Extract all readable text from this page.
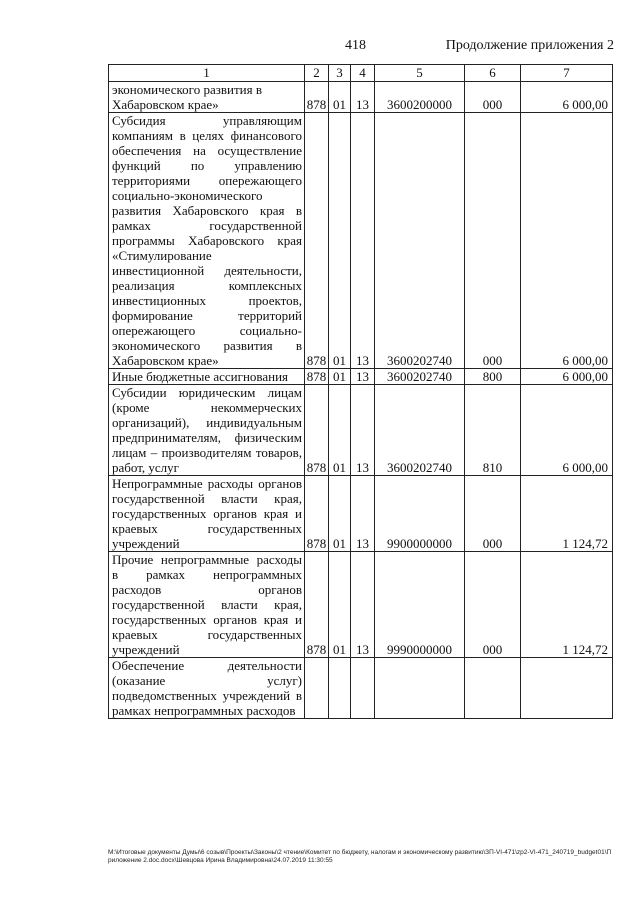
418	Продолжение приложения 2
1	2	3	4	5	6	7
экономического развития в
Хабаровском крае»	878	01	13	3600200000	000	6 000,00
Субсидия управляющим компаниям в целях финансового обеспечения на осуществление функций по управлению территориями опережающего социально-экономического развития Хабаровского края в рамках государственной программы Хабаровского края «Стимулирование инвестиционной деятельности, реализация комплексных инвестиционных проектов, формирование территорий опережающего социально-экономического развития в Хабаровском крае»	878	01	13	3600202740	000	6 000,00
Иные бюджетные ассигнования	878	01	13	3600202740	800	6 000,00
Субсидии юридическим лицам (кроме некоммерческих организаций), индивидуальным предпринимателям, физическим лицам – производителям товаров, работ, услуг	878	01	13	3600202740	810	6 000,00
Непрограммные расходы органов государственной власти края, государственных органов края и краевых государственных учреждений	878	01	13	9900000000	000	1 124,72
Прочие непрограммные расходы в рамках непрограммных расходов органов государственной власти края, государственных органов края и краевых государственных учреждений	878	01	13	9990000000	000	1 124,72
Обеспечение деятельности (оказание услуг) подведомственных учреждений в рамках непрограммных расходов						
М:\Итоговые документы Думы\6 созыв\Проекты\Законы\2 чтение\Комитет по бюджету, налогам и экономическому развитию\ЗП-VI-471\zp2-VI-471_240719_budget01\Приложение 2.doc.docx\Шевцова Ирина Владимировна\24.07.2019 11:30:55
